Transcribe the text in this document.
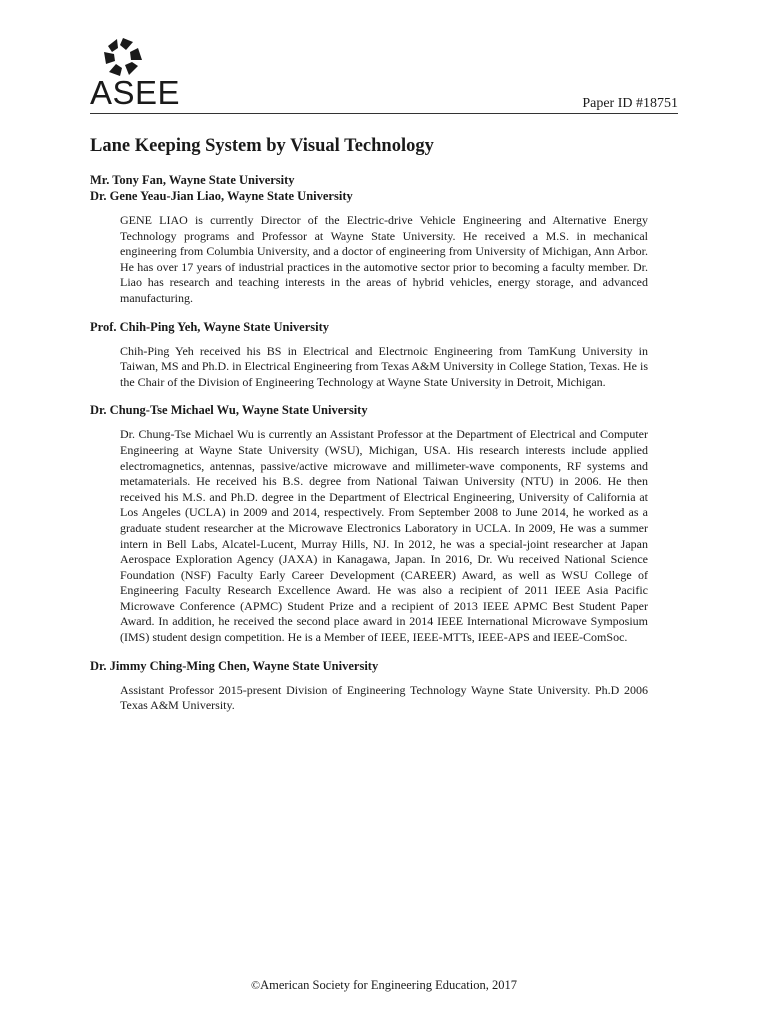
ASEE	Paper ID #18751
Lane Keeping System by Visual Technology

Mr. Tony Fan, Wayne State University

Dr. Gene Yeau-Jian Liao, Wayne State University

GENE LIAO is currently Director of the Electric-drive Vehicle Engineering and Alternative Energy Technology programs and Professor at Wayne State University. He received a M.S. in mechanical engineering from Columbia University, and a doctor of engineering from University of Michigan, Ann Arbor. He has over 17 years of industrial practices in the automotive sector prior to becoming a faculty member. Dr. Liao has research and teaching interests in the areas of hybrid vehicles, energy storage, and advanced manufacturing.

Prof. Chih-Ping Yeh, Wayne State University

Chih-Ping Yeh received his BS in Electrical and Electrnoic Engineering from TamKung University in Taiwan, MS and Ph.D. in Electrical Engineering from Texas A&M University in College Station, Texas. He is the Chair of the Division of Engineering Technology at Wayne State University in Detroit, Michigan.

Dr. Chung-Tse Michael Wu, Wayne State University

Dr. Chung-Tse Michael Wu is currently an Assistant Professor at the Department of Electrical and Computer Engineering at Wayne State University (WSU), Michigan, USA. His research interests include applied electromagnetics, antennas, passive/active microwave and millimeter-wave components, RF systems and metamaterials. He received his B.S. degree from National Taiwan University (NTU) in 2006. He then received his M.S. and Ph.D. degree in the Department of Electrical Engineering, University of California at Los Angeles (UCLA) in 2009 and 2014, respectively. From September 2008 to June 2014, he worked as a graduate student researcher at the Microwave Electronics Laboratory in UCLA. In 2009, He was a summer intern in Bell Labs, Alcatel-Lucent, Murray Hills, NJ. In 2012, he was a special-joint researcher at Japan Aerospace Exploration Agency (JAXA) in Kanagawa, Japan. In 2016, Dr. Wu received National Science Foundation (NSF) Faculty Early Career Development (CAREER) Award, as well as WSU College of Engineering Faculty Research Excellence Award. He was also a recipient of 2011 IEEE Asia Pacific Microwave Conference (APMC) Student Prize and a recipient of 2013 IEEE APMC Best Student Paper Award. In addition, he received the second place award in 2014 IEEE International Microwave Symposium (IMS) student design competition. He is a Member of IEEE, IEEE-MTTs, IEEE-APS and IEEE-ComSoc.

Dr. Jimmy Ching-Ming Chen, Wayne State University

Assistant Professor 2015-present Division of Engineering Technology Wayne State University. Ph.D 2006 Texas A&M University.

©American Society for Engineering Education, 2017
